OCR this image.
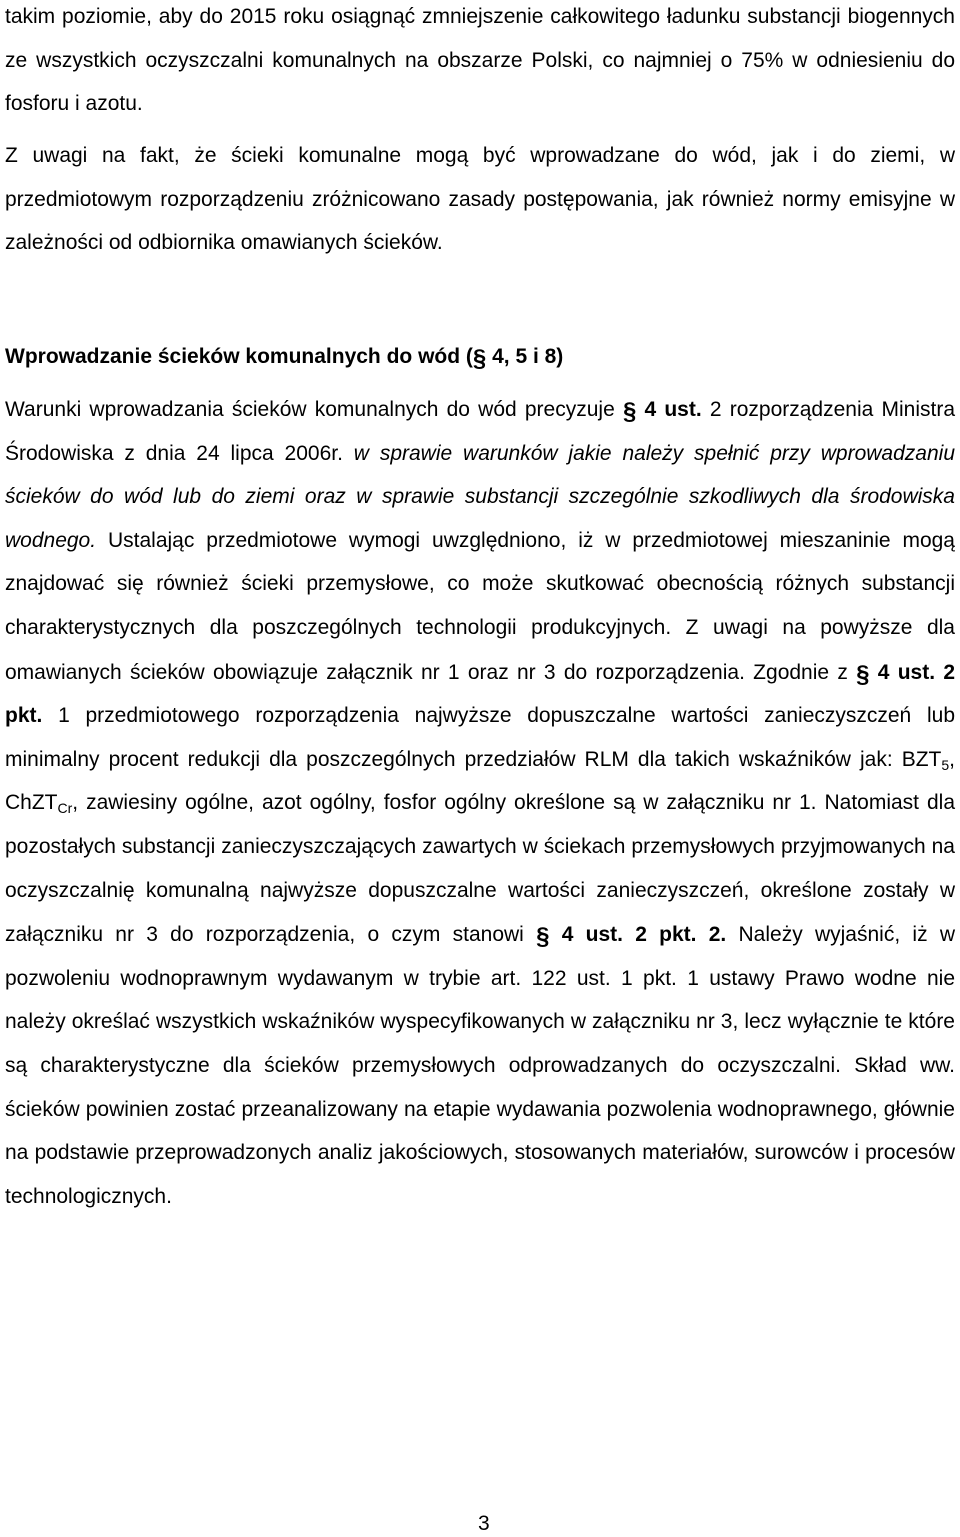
takim poziomie, aby do 2015 roku osiągnąć zmniejszenie całkowitego ładunku substancji biogennych ze wszystkich oczyszczalni komunalnych na obszarze Polski, co najmniej o 75% w odniesieniu do fosforu i azotu.

Z uwagi na fakt, że ścieki komunalne mogą być wprowadzane do wód, jak i do ziemi, w przedmiotowym rozporządzeniu zróżnicowano zasady postępowania, jak również normy emisyjne w zależności od odbiornika omawianych ścieków.

Wprowadzanie ścieków komunalnych do wód (§ 4, 5 i 8)

Warunki wprowadzania ścieków komunalnych do wód precyzuje § 4 ust. 2 rozporządzenia Ministra Środowiska z dnia 24 lipca 2006r. w sprawie warunków jakie należy spełnić przy wprowadzaniu ścieków do wód lub do ziemi oraz w sprawie substancji szczególnie szkodliwych dla środowiska wodnego. Ustalając przedmiotowe wymogi uwzględniono, iż w przedmiotowej mieszaninie mogą znajdować się również ścieki przemysłowe, co może skutkować obecnością różnych substancji charakterystycznych dla poszczególnych technologii produkcyjnych. Z uwagi na powyższe dla omawianych ścieków obowiązuje załącznik nr 1 oraz nr 3 do rozporządzenia. Zgodnie z § 4 ust. 2 pkt. 1 przedmiotowego rozporządzenia najwyższe dopuszczalne wartości zanieczyszczeń lub minimalny procent redukcji dla poszczególnych przedziałów RLM dla takich wskaźników jak: $BZT_5$, ChZT$_{Cr}$, zawiesiny ogólne, azot ogólny, fosfor ogólny określone są w załączniku nr 1. Natomiast dla pozostałych substancji zanieczyszczających zawartych w ściekach przemysłowych przyjmowanych na oczyszczalnię komunalną najwyższe dopuszczalne wartości zanieczyszczeń, określone zostały w załączniku nr 3 do rozporządzenia, o czym stanowi § 4 ust. 2 pkt. 2. Należy wyjaśnić, iż w pozwoleniu wodnoprawnym wydawanym w trybie art. 122 ust. 1 pkt. 1 ustawy Prawo wodne nie należy określać wszystkich wskaźników wyspecyfikowanych w załączniku nr 3, lecz wyłącznie te które są charakterystyczne dla ścieków przemysłowych odprowadzanych do oczyszczalni. Skład ww. ścieków powinien zostać przeanalizowany na etapie wydawania pozwolenia wodnoprawnego, głównie na podstawie przeprowadzonych analiz jakościowych, stosowanych materiałów, surowców i procesów technologicznych.

3
